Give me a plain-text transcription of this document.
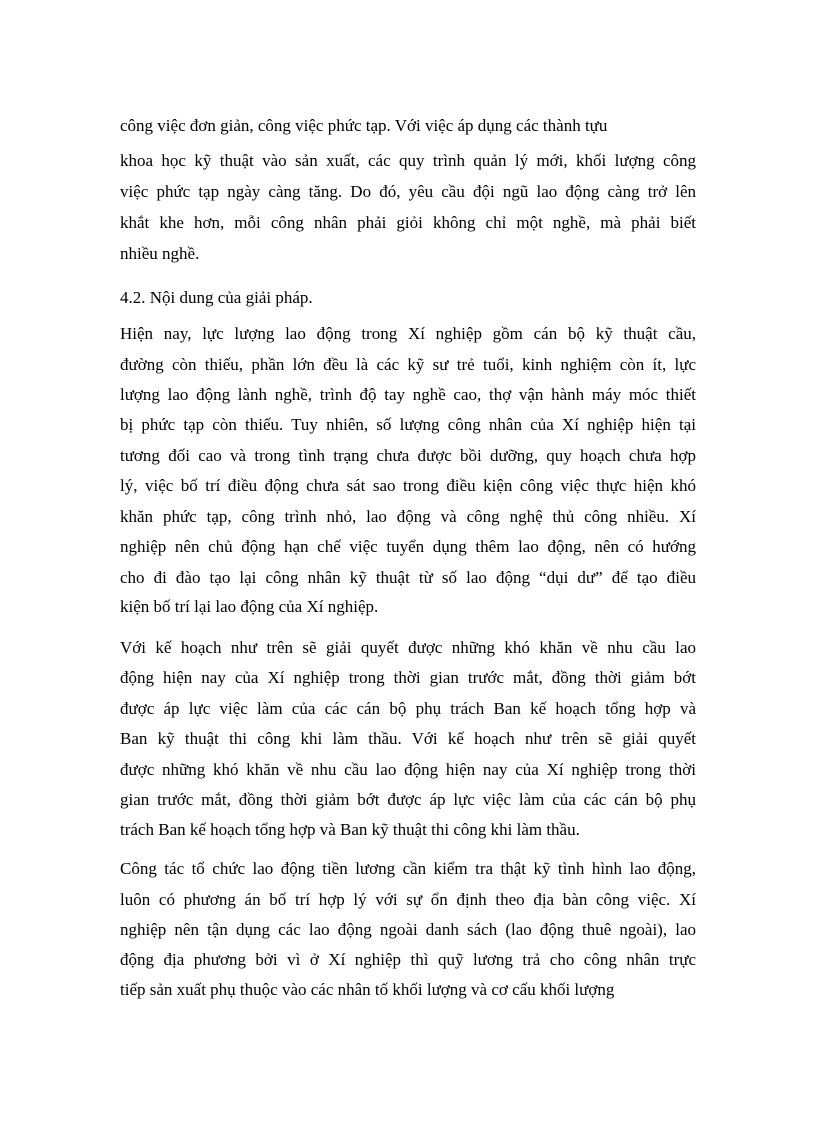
công việc đơn giản, công việc phức tạp. Với việc áp dụng các thành tựu
khoa học kỹ thuật vào sản xuất, các quy trình quản lý mới, khối lượng công
việc phức tạp ngày càng tăng. Do đó, yêu cầu đội ngũ lao động càng trở lên
khắt khe hơn, mỗi công nhân phải giỏi không chỉ một nghề, mà phải biết
nhiều nghề.
4.2. Nội dung của giải pháp.
Hiện nay, lực lượng lao động trong Xí nghiệp gồm cán bộ kỹ thuật cầu,
đường còn thiếu, phần lớn đều là các kỹ sư trẻ tuổi, kinh nghiệm còn ít, lực
lượng lao động lành nghề, trình độ tay nghề cao, thợ vận hành máy móc thiết
bị phức tạp còn thiếu. Tuy nhiên, số lượng công nhân của Xí nghiệp hiện tại
tương đối cao và trong tình trạng chưa được bồi dưỡng, quy hoạch chưa hợp
lý, việc bố trí điều động chưa sát sao trong điều kiện công việc thực hiện khó
khăn phức tạp, công trình nhỏ, lao động và công nghệ thủ công nhiều. Xí
nghiệp nên chủ động hạn chế việc tuyển dụng thêm lao động, nên có hướng
cho đi đào tạo lại công nhân kỹ thuật từ số lao động “dụi dư” để tạo điều
kiện bố trí lại lao động của Xí nghiệp.
Với kế hoạch như trên sẽ giải quyết được những khó khăn về nhu cầu lao
động hiện nay của Xí nghiệp trong thời gian trước mắt, đồng thời giảm bớt
được áp lực việc làm của các cán bộ phụ trách Ban kế hoạch tổng hợp và
Ban kỹ thuật thi công khi làm thầu. Với kế hoạch như trên sẽ giải quyết
được những khó khăn về nhu cầu lao động hiện nay của Xí nghiệp trong thời
gian trước mắt, đồng thời giảm bớt được áp lực việc làm của các cán bộ phụ
trách Ban kế hoạch tổng hợp và Ban kỹ thuật thi công khi làm thầu.
Công tác tổ chức lao động tiền lương cần kiểm tra thật kỹ tình hình lao động,
luôn có phương án bố trí hợp lý với sự ổn định theo địa bàn công việc. Xí
nghiệp nên tận dụng các lao động ngoài danh sách (lao động thuê ngoài), lao
động địa phương bởi vì ở Xí nghiệp thì quỹ lương trả cho công nhân trực
tiếp sản xuất phụ thuộc vào các nhân tố khối lượng và cơ cấu khối lượng
